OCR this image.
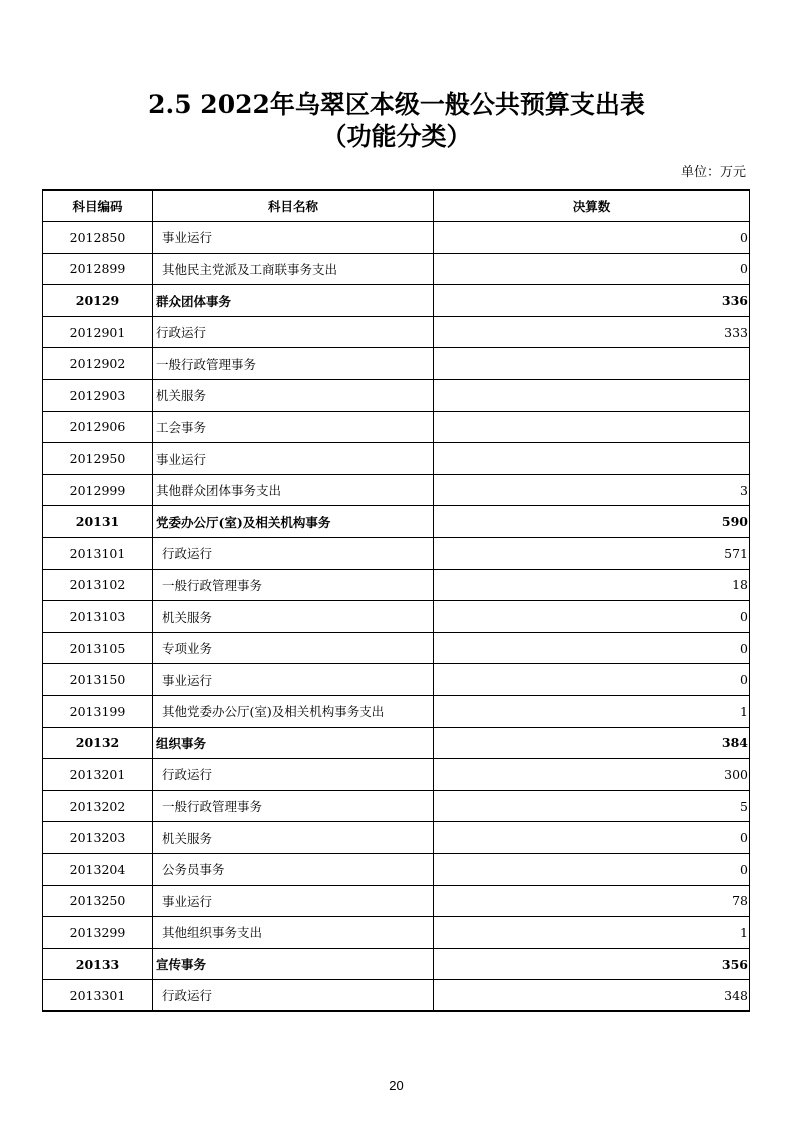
2.5 2022年乌翠区本级一般公共预算支出表
（功能分类）
单位：万元
科目编码	科目名称	决算数
2012850	事业运行	0
2012899	其他民主党派及工商联事务支出	0
20129	群众团体事务	336
2012901	行政运行	333
2012902	一般行政管理事务	
2012903	机关服务	
2012906	工会事务	
2012950	事业运行	
2012999	其他群众团体事务支出	3
20131	党委办公厅(室)及相关机构事务	590
2013101	行政运行	571
2013102	一般行政管理事务	18
2013103	机关服务	0
2013105	专项业务	0
2013150	事业运行	0
2013199	其他党委办公厅(室)及相关机构事务支出	1
20132	组织事务	384
2013201	行政运行	300
2013202	一般行政管理事务	5
2013203	机关服务	0
2013204	公务员事务	0
2013250	事业运行	78
2013299	其他组织事务支出	1
20133	宣传事务	356
2013301	行政运行	348
20
